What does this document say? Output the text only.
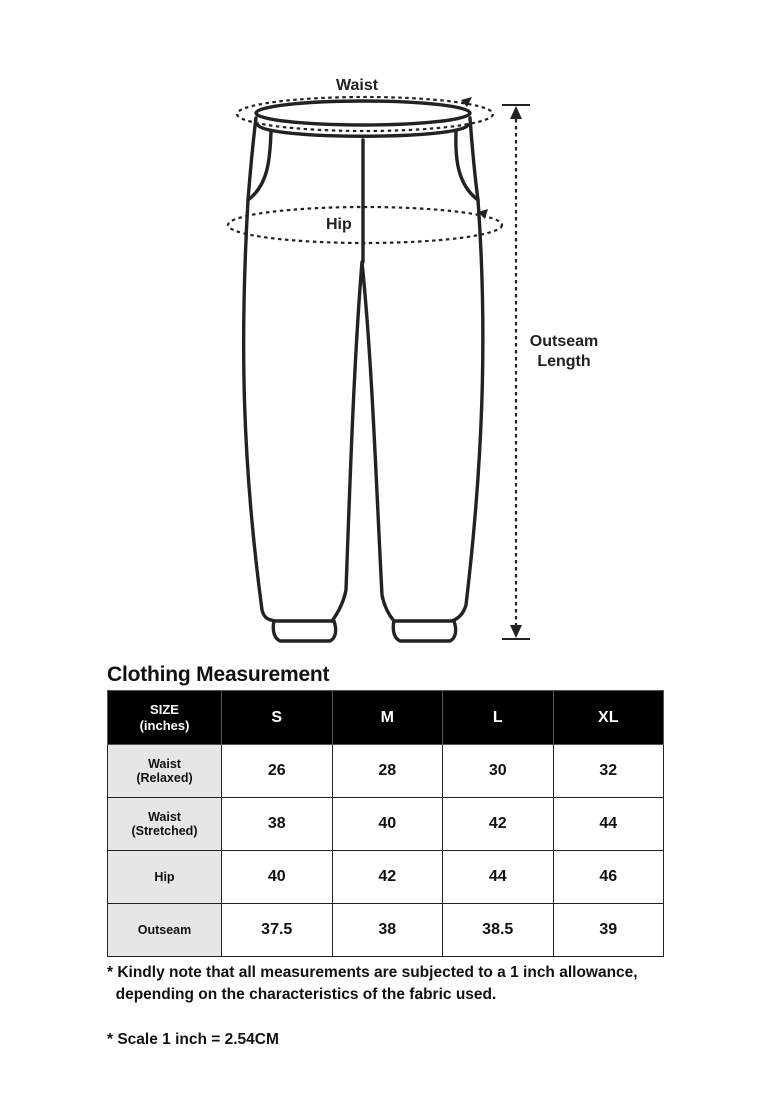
Waist
Hip
Outseam
Length
Clothing Measurement
SIZE
(inches)	S	M	L	XL

Waist
(Relaxed)	26	28	30	32

Waist
(Stretched)	38	40	42	44

Hip	40	42	44	46

Outseam	37.5	38	38.5	39

* Kindly note that all measurements are subjected to a 1 inch allowance,
depending on the characteristics of the fabric used.

* Scale 1 inch = 2.54CM
